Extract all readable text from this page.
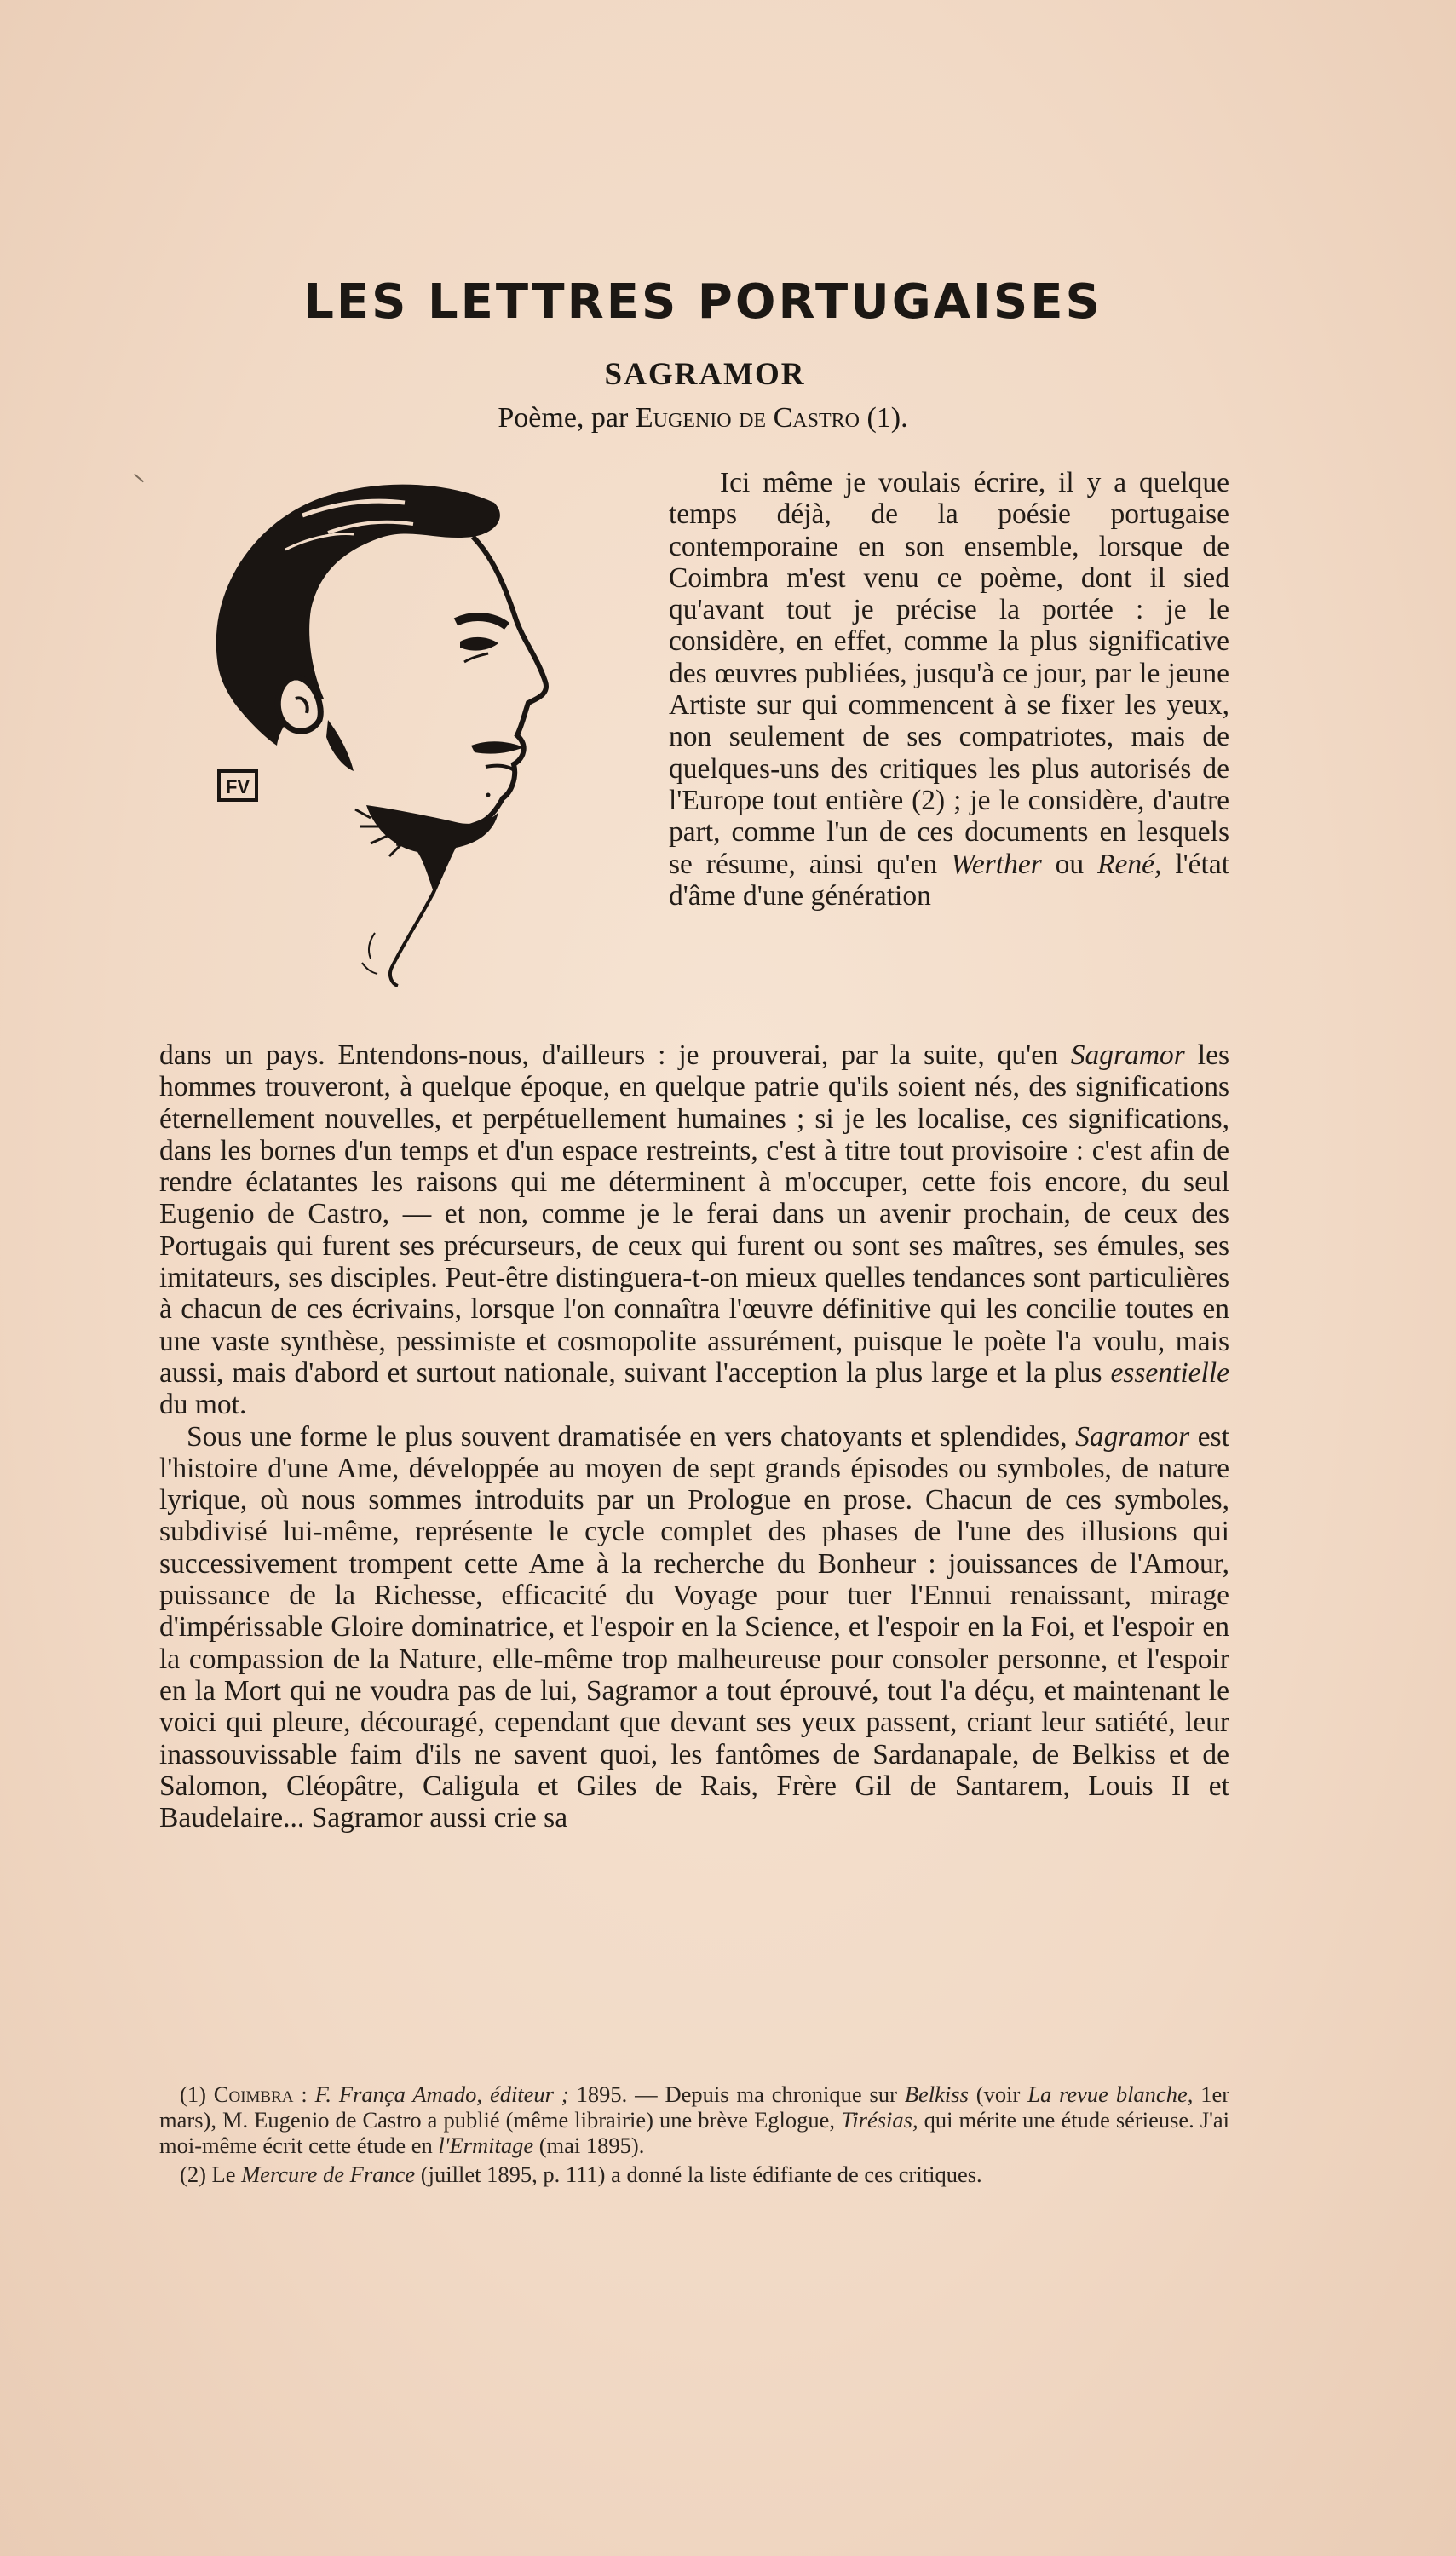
LES LETTRES PORTUGAISES
SAGRAMOR
Poème, par Eugenio de Castro (1).
FV

Ici même je voulais écrire, il y a quelque temps déjà, de la poésie portugaise contemporaine en son ensemble, lorsque de Coimbra m'est venu ce poème, dont il sied qu'avant tout je précise la portée : je le considère, en effet, comme la plus significative des œuvres publiées, jusqu'à ce jour, par le jeune Artiste sur qui commencent à se fixer les yeux, non seulement de ses compatriotes, mais de quelques-uns des critiques les plus autorisés de l'Europe tout entière (2) ; je le considère, d'autre part, comme l'un de ces documents en lesquels se résume, ainsi qu'en Werther ou René, l'état d'âme d'une génération

dans un pays. Entendons-nous, d'ailleurs : je prouverai, par la suite, qu'en Sagramor les hommes trouveront, à quelque époque, en quelque patrie qu'ils soient nés, des significations éternellement nouvelles, et perpétuellement humaines ; si je les localise, ces significations, dans les bornes d'un temps et d'un espace restreints, c'est à titre tout provisoire : c'est afin de rendre éclatantes les raisons qui me déterminent à m'occuper, cette fois encore, du seul Eugenio de Castro, — et non, comme je le ferai dans un avenir prochain, de ceux des Portugais qui furent ses précurseurs, de ceux qui furent ou sont ses maîtres, ses émules, ses imitateurs, ses disciples. Peut-être distinguera-t-on mieux quelles tendances sont particulières à chacun de ces écrivains, lorsque l'on connaîtra l'œuvre définitive qui les concilie toutes en une vaste synthèse, pessimiste et cosmopolite assurément, puisque le poète l'a voulu, mais aussi, mais d'abord et surtout nationale, suivant l'acception la plus large et la plus essentielle du mot.

Sous une forme le plus souvent dramatisée en vers chatoyants et splendides, Sagramor est l'histoire d'une Ame, développée au moyen de sept grands épisodes ou symboles, de nature lyrique, où nous sommes introduits par un Prologue en prose. Chacun de ces symboles, subdivisé lui-même, représente le cycle complet des phases de l'une des illusions qui successivement trompent cette Ame à la recherche du Bonheur : jouissances de l'Amour, puissance de la Richesse, efficacité du Voyage pour tuer l'Ennui renaissant, mirage d'impérissable Gloire dominatrice, et l'espoir en la Science, et l'espoir en la Foi, et l'espoir en la compassion de la Nature, elle-même trop malheureuse pour consoler personne, et l'espoir en la Mort qui ne voudra pas de lui, Sagramor a tout éprouvé, tout l'a déçu, et maintenant le voici qui pleure, découragé, cependant que devant ses yeux passent, criant leur satiété, leur inassouvissable faim d'ils ne savent quoi, les fantômes de Sardanapale, de Belkiss et de Salomon, Cléopâtre, Caligula et Giles de Rais, Frère Gil de Santarem, Louis II et Baudelaire... Sagramor aussi crie sa

(1) Coimbra : F. França Amado, éditeur ; 1895. — Depuis ma chronique sur Belkiss (voir La revue blanche, 1er mars), M. Eugenio de Castro a publié (même librairie) une brève Eglogue, Tirésias, qui mérite une étude sérieuse. J'ai moi-même écrit cette étude en l'Ermitage (mai 1895).

(2) Le Mercure de France (juillet 1895, p. 111) a donné la liste édifiante de ces critiques.
